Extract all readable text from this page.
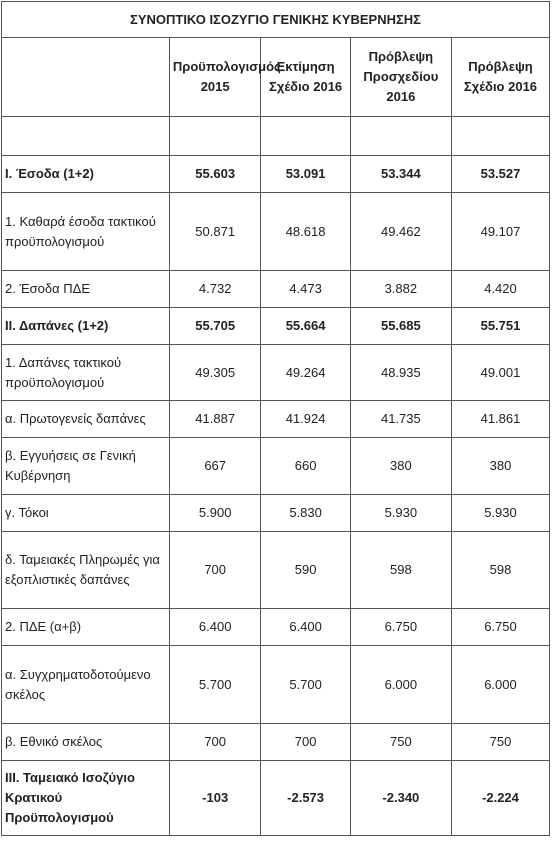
ΣΥΝΟΠΤΙΚΟ ΙΣΟΖΥΓΙΟ ΓΕΝΙΚΗΣ ΚΥΒΕΡΝΗΣΗΣ				
	Προϋπολογισμός 2015	Εκτίμηση Σχέδιο 2016	Πρόβλεψη Προσχεδίου 2016	Πρόβλεψη Σχέδιο 2016

Ι. Έσοδα (1+2)	55.603	53.091	53.344	53.527
1. Καθαρά έσοδα τακτικού προϋπολογισμού	50.871	48.618	49.462	49.107
2. Έσοδα ΠΔΕ	4.732	4.473	3.882	4.420
ΙΙ. Δαπάνες (1+2)	55.705	55.664	55.685	55.751
1. Δαπάνες τακτικού προϋπολογισμού	49.305	49.264	48.935	49.001
α. Πρωτογενείς δαπάνες	41.887	41.924	41.735	41.861
β. Εγγυήσεις σε Γενική Κυβέρνηση	667	660	380	380
γ. Τόκοι	5.900	5.830	5.930	5.930
δ. Ταμειακές Πληρωμές για εξοπλιστικές δαπάνες	700	590	598	598
2. ΠΔΕ (α+β)	6.400	6.400	6.750	6.750
α. Συγχρηματοδοτούμενο σκέλος	5.700	5.700	6.000	6.000
β. Εθνικό σκέλος	700	700	750	750
ΙΙΙ. Ταμειακό Ισοζύγιο Κρατικού Προϋπολογισμού	-103	-2.573	-2.340	-2.224
